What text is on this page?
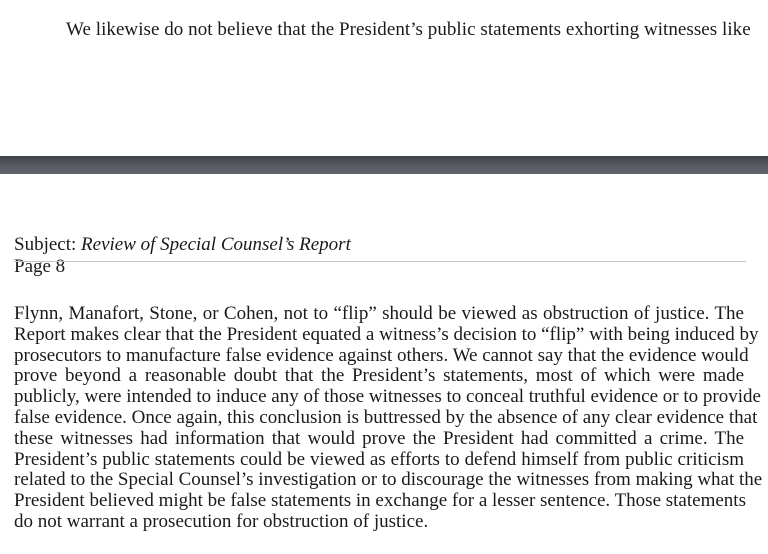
We likewise do not believe that the President’s public statements exhorting witnesses like
Subject: Review of Special Counsel’s Report
Page 8
Flynn, Manafort, Stone, or Cohen, not to “flip” should be viewed as obstruction of justice. The
Report makes clear that the President equated a witness’s decision to “flip” with being induced by
prosecutors to manufacture false evidence against others. We cannot say that the evidence would
prove beyond a reasonable doubt that the President’s statements, most of which were made
publicly, were intended to induce any of those witnesses to conceal truthful evidence or to provide
false evidence. Once again, this conclusion is buttressed by the absence of any clear evidence that
these witnesses had information that would prove the President had committed a crime. The
President’s public statements could be viewed as efforts to defend himself from public criticism
related to the Special Counsel’s investigation or to discourage the witnesses from making what the
President believed might be false statements in exchange for a lesser sentence. Those statements
do not warrant a prosecution for obstruction of justice.
